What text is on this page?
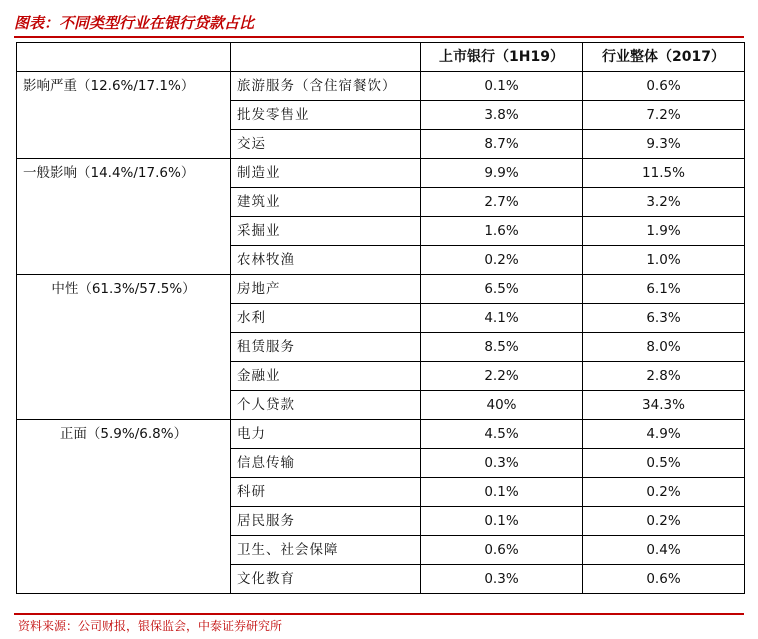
图表：不同类型行业在银行贷款占比
		上市银行（1H19）	行业整体（2017）
影响严重（12.6%/17.1%）	旅游服务（含住宿餐饮）	0.1%	0.6%
	批发零售业	3.8%	7.2%
	交运	8.7%	9.3%
一般影响（14.4%/17.6%）	制造业	9.9%	11.5%
	建筑业	2.7%	3.2%
	采掘业	1.6%	1.9%
	农林牧渔	0.2%	1.0%
中性（61.3%/57.5%）	房地产	6.5%	6.1%
	水利	4.1%	6.3%
	租赁服务	8.5%	8.0%
	金融业	2.2%	2.8%
	个人贷款	40%	34.3%
正面（5.9%/6.8%）	电力	4.5%	4.9%
	信息传输	0.3%	0.5%
	科研	0.1%	0.2%
	居民服务	0.1%	0.2%
	卫生、社会保障	0.6%	0.4%
	文化教育	0.3%	0.6%
资料来源：公司财报，银保监会，中泰证券研究所
